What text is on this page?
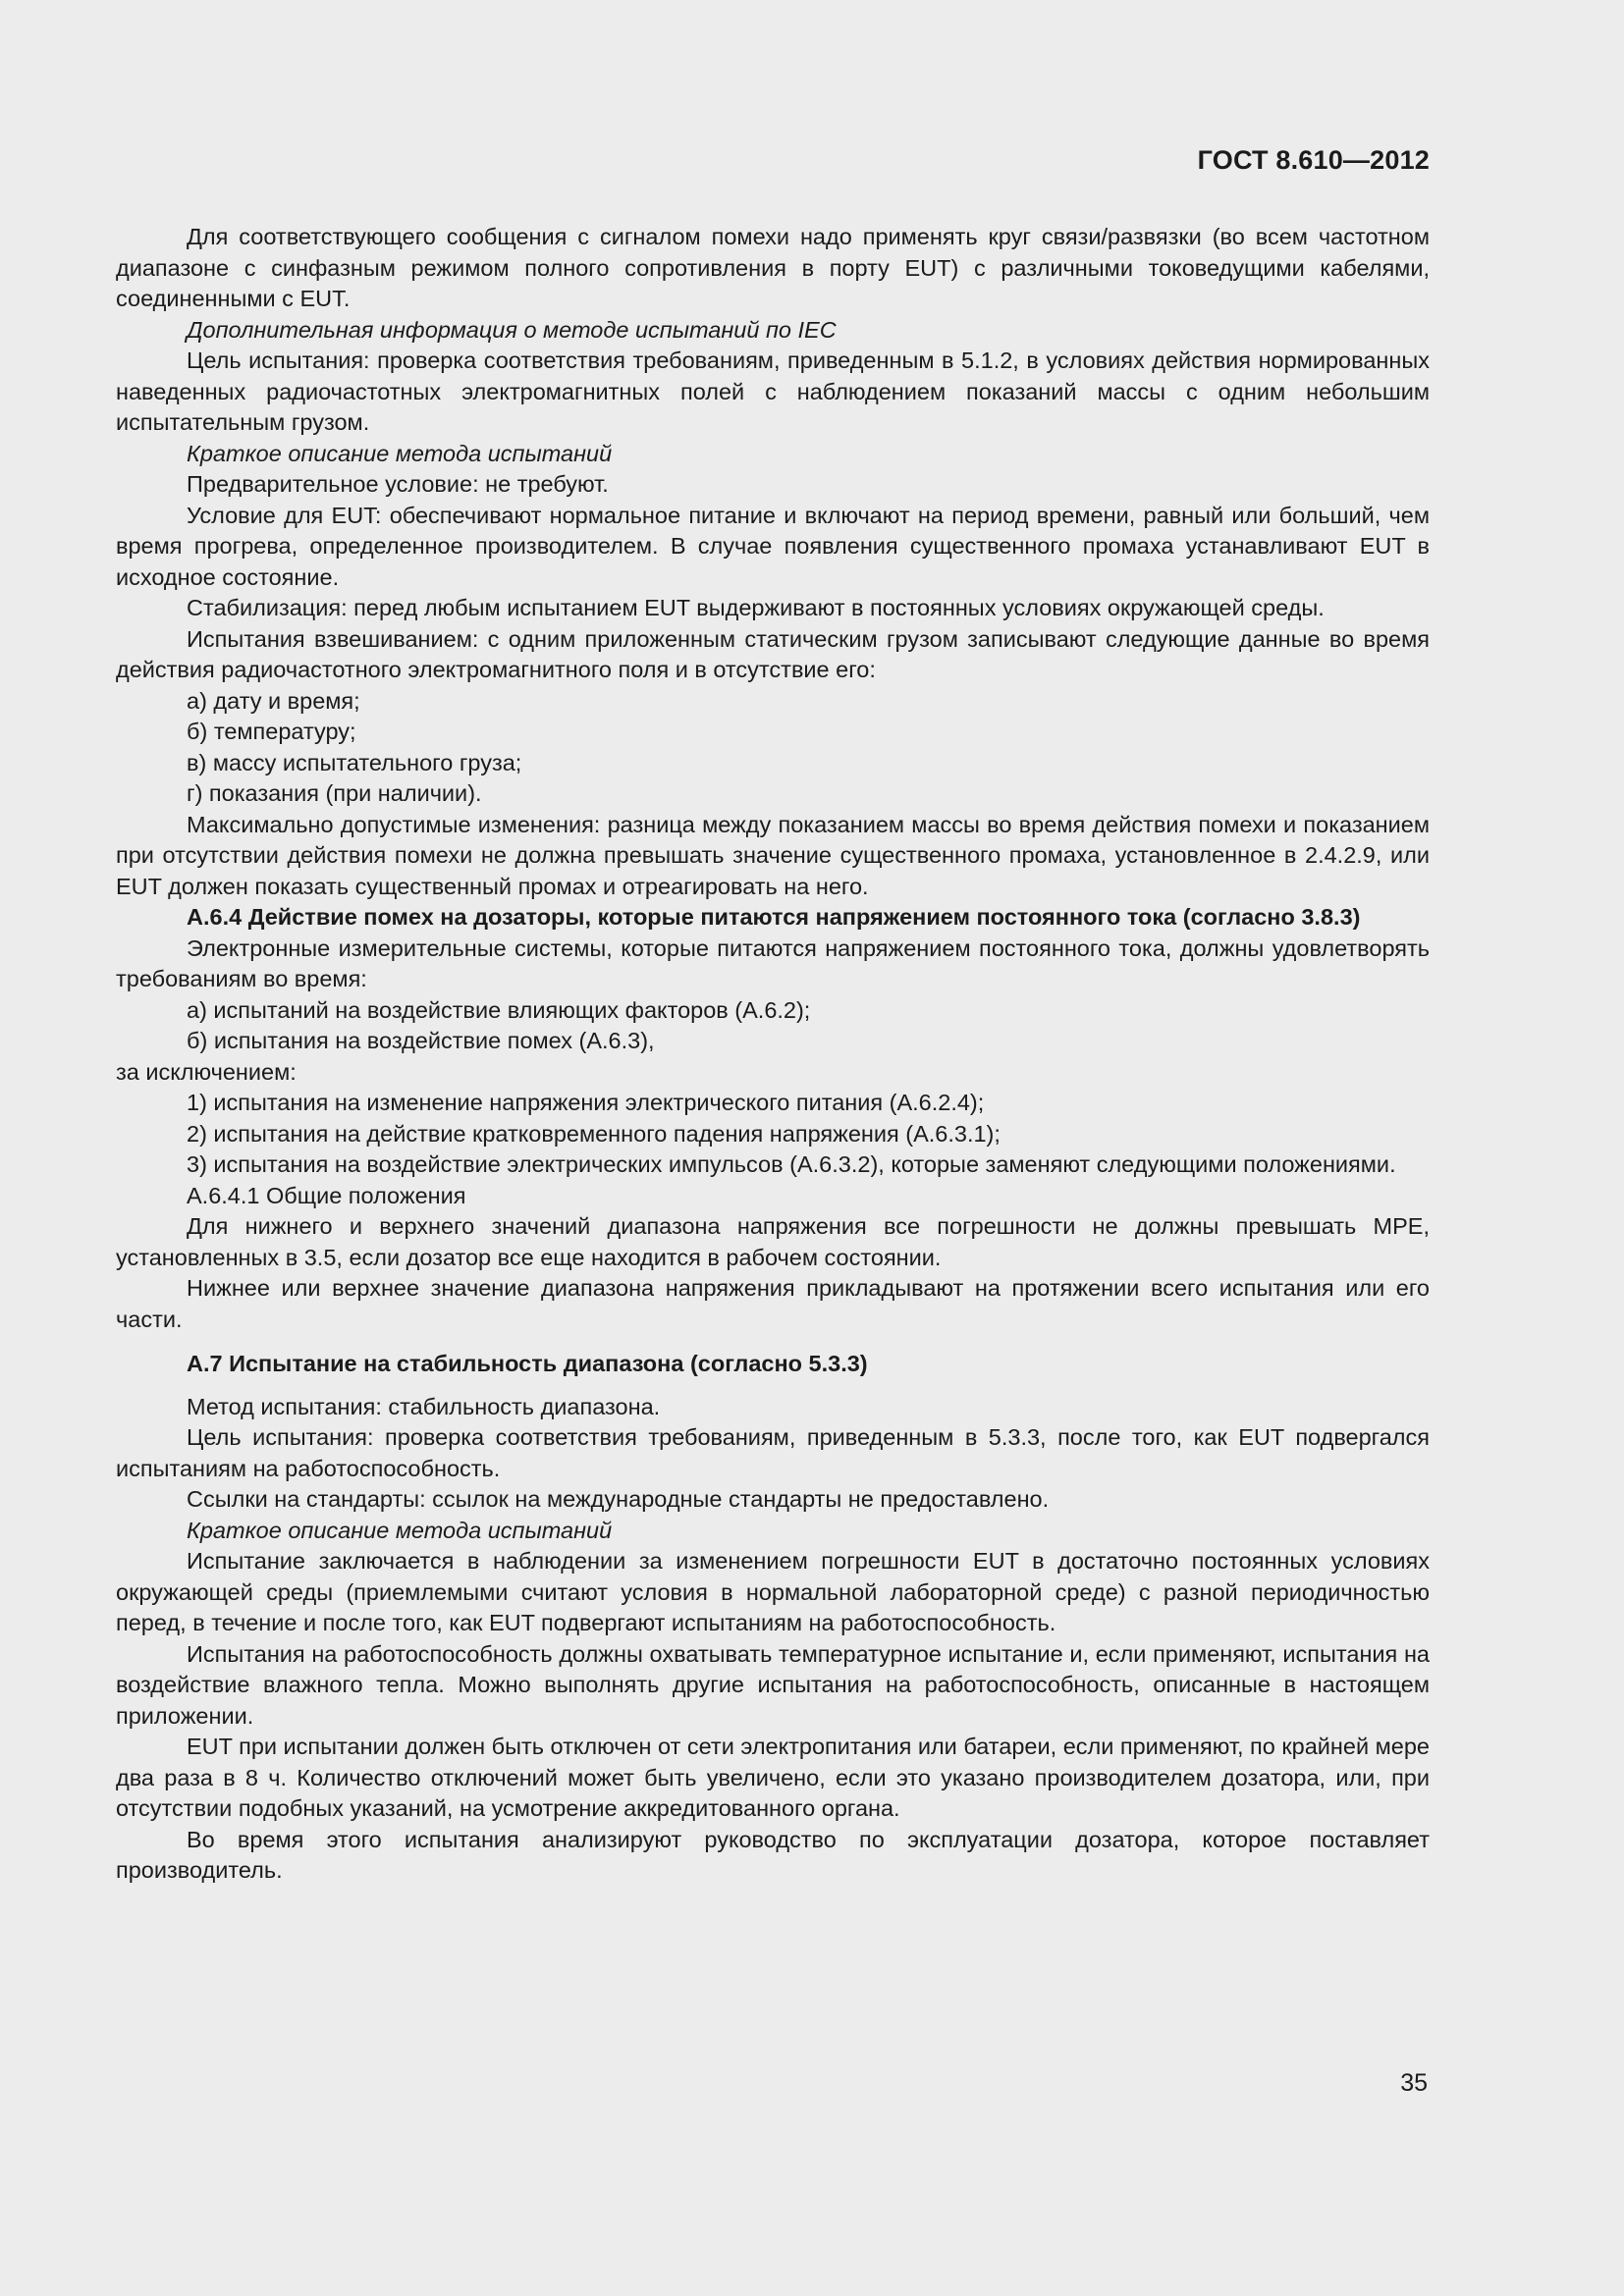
ГОСТ 8.610—2012
Для соответствующего сообщения с сигналом помехи надо применять круг связи/развязки (во всем частотном диапазоне с синфазным режимом полного сопротивления в порту EUT) с различными токоведущими кабелями, соединенными с EUT.
Дополнительная информация о методе испытаний по IEC
Цель испытания: проверка соответствия требованиям, приведенным в 5.1.2, в условиях действия нормированных наведенных радиочастотных электромагнитных полей с наблюдением показаний массы с одним небольшим испытательным грузом.
Краткое описание метода испытаний
Предварительное условие: не требуют.
Условие для EUT: обеспечивают нормальное питание и включают на период времени, равный или больший, чем время прогрева, определенное производителем. В случае появления существенного промаха устанавливают EUT в исходное состояние.
Стабилизация: перед любым испытанием EUT выдерживают в постоянных условиях окружающей среды.
Испытания взвешиванием: с одним приложенным статическим грузом записывают следующие данные во время действия радиочастотного электромагнитного поля и в отсутствие его:
а) дату и время;
б) температуру;
в) массу испытательного груза;
г) показания (при наличии).
Максимально допустимые изменения: разница между показанием массы во время действия помехи и показанием при отсутствии действия помехи не должна превышать значение существенного промаха, установленное в 2.4.2.9, или EUT должен показать существенный промах и отреагировать на него.
А.6.4 Действие помех на дозаторы, которые питаются напряжением постоянного тока (согласно 3.8.3)
Электронные измерительные системы, которые питаются напряжением постоянного тока, должны удовлетворять требованиям во время:
а) испытаний на воздействие влияющих факторов (А.6.2);
б) испытания на воздействие помех (А.6.3),
за исключением:
1) испытания на изменение напряжения электрического питания (А.6.2.4);
2) испытания на действие кратковременного падения напряжения (А.6.3.1);
3) испытания на воздействие электрических импульсов (А.6.3.2), которые заменяют следующими положениями.
А.6.4.1 Общие положения
Для нижнего и верхнего значений диапазона напряжения все погрешности не должны превышать MPE, установленных в 3.5, если дозатор все еще находится в рабочем состоянии.
Нижнее или верхнее значение диапазона напряжения прикладывают на протяжении всего испытания или его части.
А.7 Испытание на стабильность диапазона (согласно 5.3.3)
Метод испытания: стабильность диапазона.
Цель испытания: проверка соответствия требованиям, приведенным в 5.3.3, после того, как EUT подвергался испытаниям на работоспособность.
Ссылки на стандарты: ссылок на международные стандарты не предоставлено.
Краткое описание метода испытаний
Испытание заключается в наблюдении за изменением погрешности EUT в достаточно постоянных условиях окружающей среды (приемлемыми считают условия в нормальной лабораторной среде) с разной периодичностью перед, в течение и после того, как EUT подвергают испытаниям на работоспособность.
Испытания на работоспособность должны охватывать температурное испытание и, если применяют, испытания на воздействие влажного тепла. Можно выполнять другие испытания на работоспособность, описанные в настоящем приложении.
EUT при испытании должен быть отключен от сети электропитания или батареи, если применяют, по крайней мере два раза в 8 ч. Количество отключений может быть увеличено, если это указано производителем дозатора, или, при отсутствии подобных указаний, на усмотрение аккредитованного органа.
Во время этого испытания анализируют руководство по эксплуатации дозатора, которое поставляет производитель.
35
